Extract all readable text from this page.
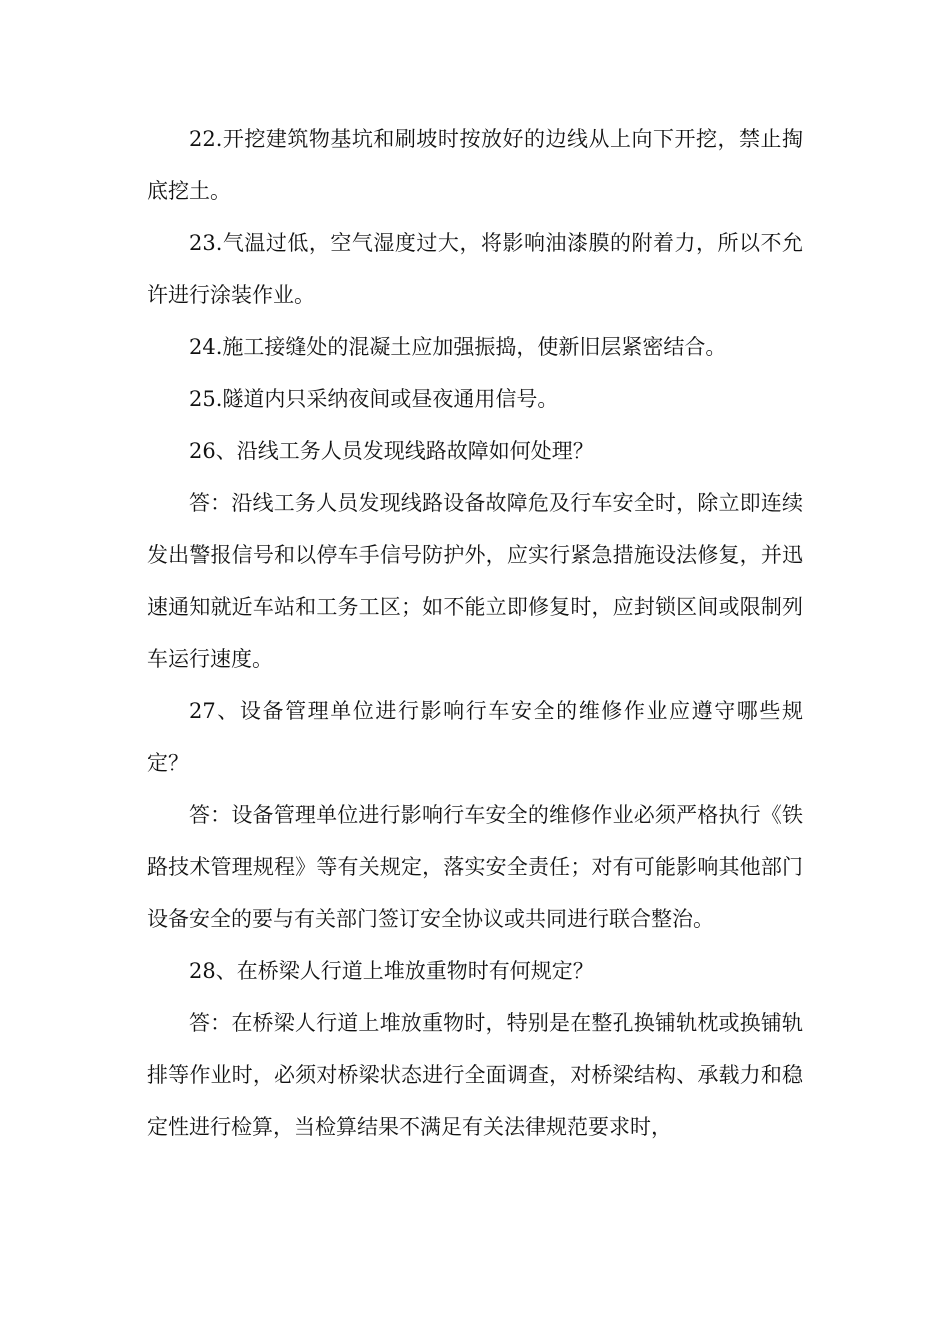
22.开挖建筑物基坑和刷坡时按放好的边线从上向下开挖，禁止掏底挖土。

23.气温过低，空气湿度过大，将影响油漆膜的附着力，所以不允许进行涂装作业。

24.施工接缝处的混凝土应加强振捣，使新旧层紧密结合。

25.隧道内只采纳夜间或昼夜通用信号。

26、沿线工务人员发现线路故障如何处理？

答：沿线工务人员发现线路设备故障危及行车安全时，除立即连续发出警报信号和以停车手信号防护外，应实行紧急措施设法修复，并迅速通知就近车站和工务工区；如不能立即修复时，应封锁区间或限制列车运行速度。

27、设备管理单位进行影响行车安全的维修作业应遵守哪些规定？

答：设备管理单位进行影响行车安全的维修作业必须严格执行《铁路技术管理规程》等有关规定，落实安全责任；对有可能影响其他部门设备安全的要与有关部门签订安全协议或共同进行联合整治。

28、在桥梁人行道上堆放重物时有何规定？

答：在桥梁人行道上堆放重物时，特别是在整孔换铺轨枕或换铺轨排等作业时，必须对桥梁状态进行全面调查，对桥梁结构、承载力和稳定性进行检算，当检算结果不满足有关法律规范要求时，
